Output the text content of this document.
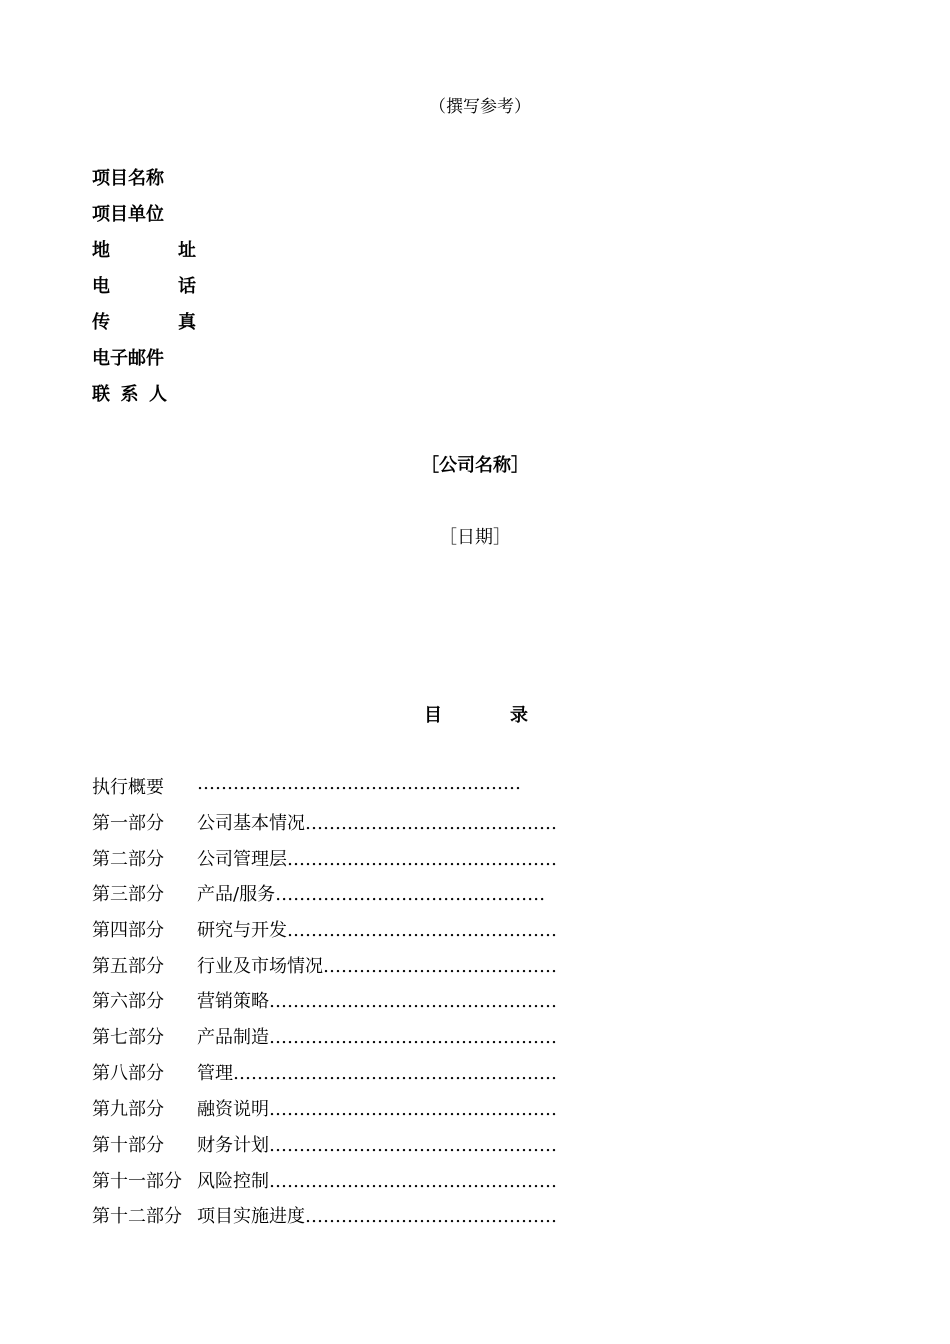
（撰写参考）
项目名称
项目单位
地	址
电	话
传	真
电子邮件
联 系 人
［公司名称］
［日期］
目	录
执行概要 ………………………………………………
第一部分 公司基本情况……………………………………
第二部分 公司管理层………………………………………
第三部分 产品/服务………………………………………
第四部分 研究与开发………………………………………
第五部分 行业及市场情况…………………………………
第六部分 营销策略…………………………………………
第七部分 产品制造…………………………………………
第八部分 管理………………………………………………
第九部分 融资说明…………………………………………
第十部分 财务计划…………………………………………
第十一部分 风险控制…………………………………………
第十二部分 项目实施进度……………………………………
